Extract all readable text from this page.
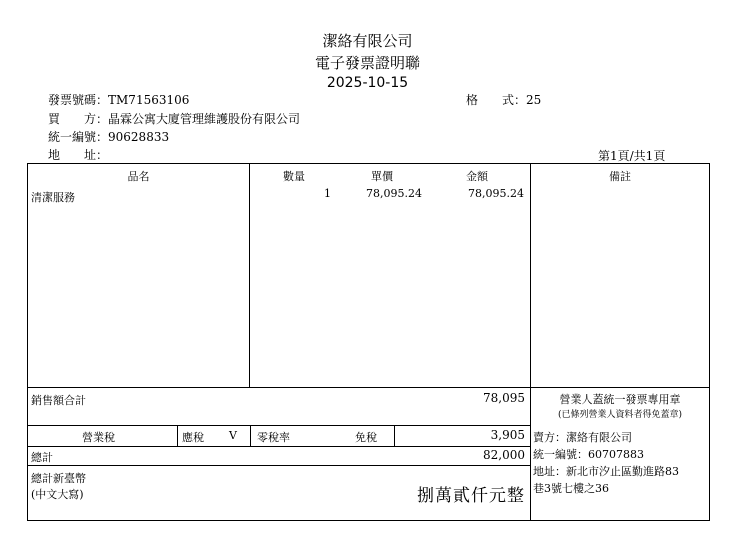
潔絡有限公司
電子發票證明聯
2025-10-15
發票號碼：TM71563106	格　　式：25
買　　方：晶霖公寓大廈管理維護股份有限公司
統一編號：90628833
地　　址：	第1頁/共1頁
品名	數量	單價	金額	備註
清潔服務	1	78,095.24	78,095.24
銷售額合計	78,095
營業稅	應稅 V 零稅率	免稅	3,905
總計	82,000
總計新臺幣
(中文大寫)	捌萬貳仟元整
營業人蓋統一發票專用章
(已條列營業人資料者得免蓋章)
賣方：潔絡有限公司
統一編號：60707883
地址：新北市汐止區勤進路83
巷3號七樓之36
